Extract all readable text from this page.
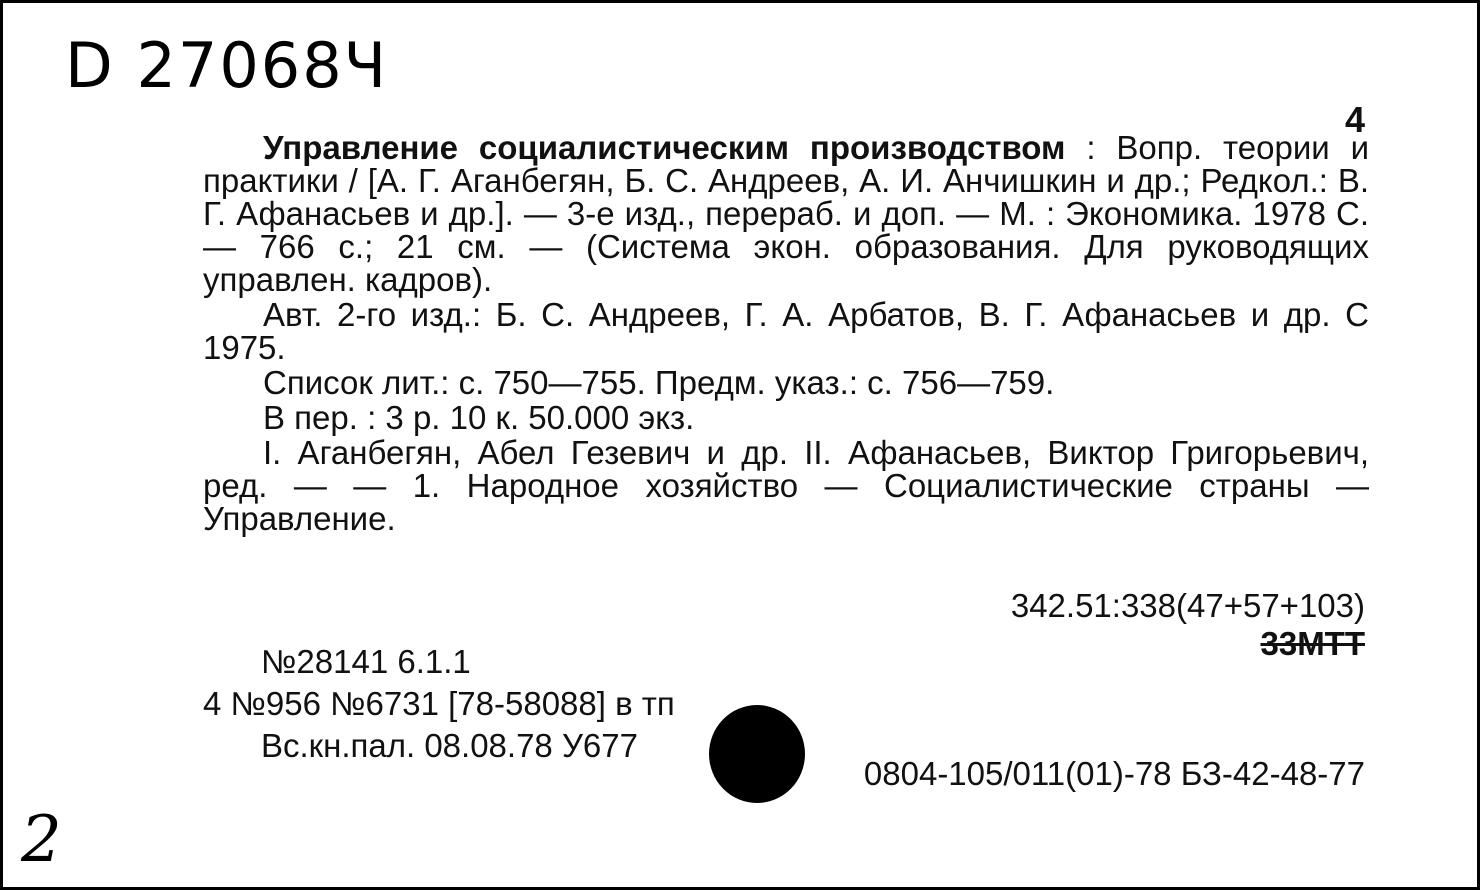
D 27068Ч
4

Управление социалистическим производством : Вопр. теории и практики / [А. Г. Аганбегян, Б. С. Андреев, А. И. Анчишкин и др.; Редкол.: В. Г. Афанасьев и др.]. — 3-е изд., перераб. и доп. — М. : Экономика. 1978 С. — 766 с.; 21 см. — (Система экон. образования. Для руководящих управлен. кадров).

Авт. 2-го изд.: Б. С. Андреев, Г. А. Арбатов, В. Г. Афанасьев и др. С 1975.

Список лит.: с. 750—755. Предм. указ.: с. 756—759.

В пер. : 3 р. 10 к. 50.000 экз.

I. Аганбегян, Абел Гезевич и др. II. Афанасьев, Виктор Григорьевич, ред. — — 1. Народное хозяйство — Социалистические страны — Управление.

342.51:338(47+57+103)
33МТТ
№28141 6.1.1
4 №956 №6731 [78-58088] в тп
Вс.кн.пал. 08.08.78 У677
0804-105/011(01)-78 БЗ-42-48-77
2
